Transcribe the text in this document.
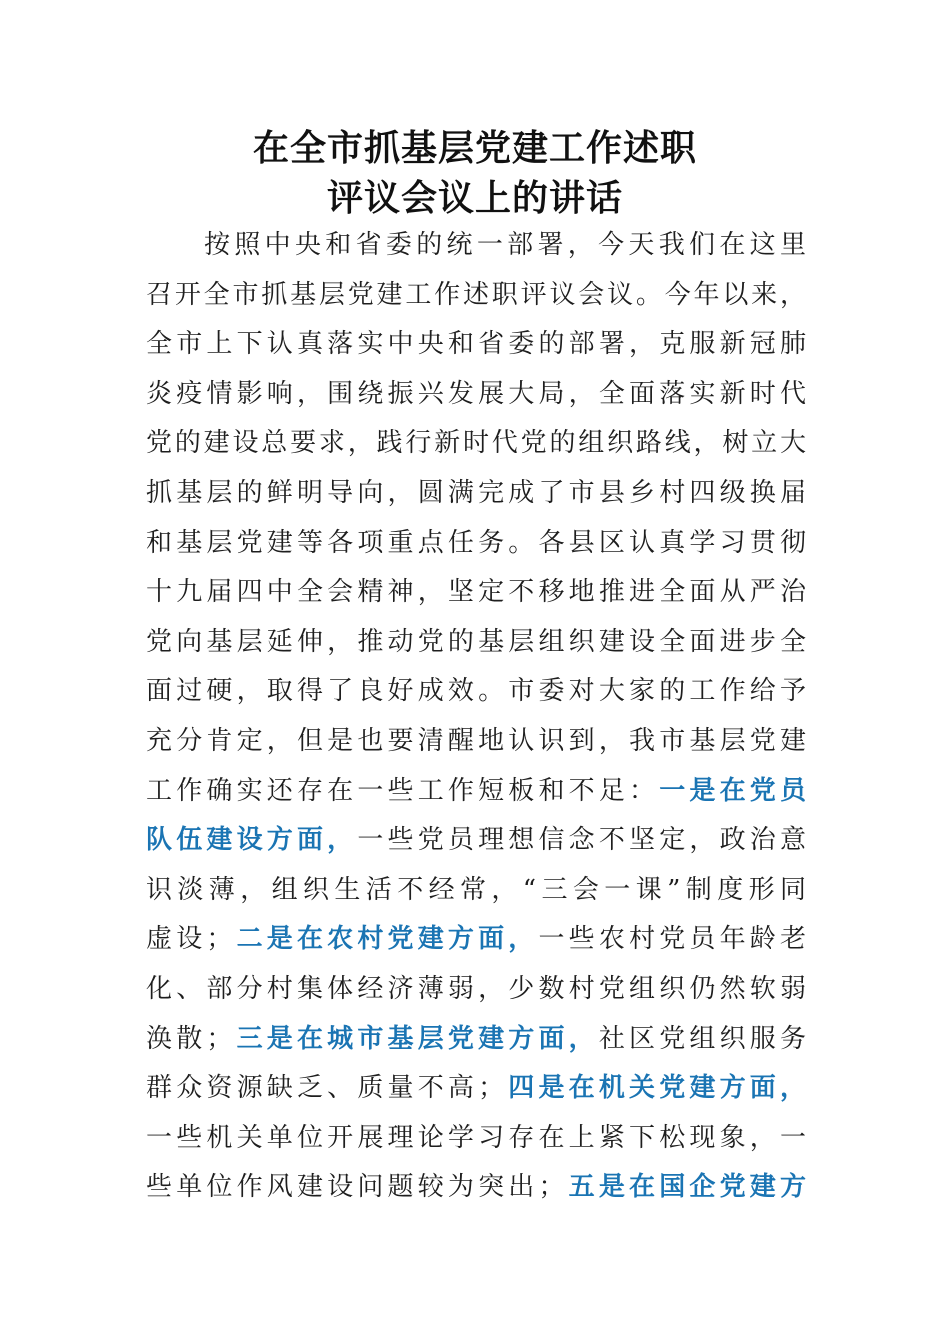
在全市抓基层党建工作述职
评议会议上的讲话
按照中央和省委的统一部署，今天我们在这里
召开全市抓基层党建工作述职评议会议。今年以来，
全市上下认真落实中央和省委的部署，克服新冠肺
炎疫情影响，围绕振兴发展大局，全面落实新时代
党的建设总要求，践行新时代党的组织路线，树立大
抓基层的鲜明导向，圆满完成了市县乡村四级换届
和基层党建等各项重点任务。各县区认真学习贯彻
十九届四中全会精神，坚定不移地推进全面从严治
党向基层延伸，推动党的基层组织建设全面进步全
面过硬，取得了良好成效。市委对大家的工作给予
充分肯定，但是也要清醒地认识到，我市基层党建
工作确实还存在一些工作短板和不足：一是在党员
队伍建设方面，一些党员理想信念不坚定，政治意
识淡薄，组织生活不经常，“三会一课”制度形同
虚设；二是在农村党建方面，一些农村党员年龄老
化、部分村集体经济薄弱，少数村党组织仍然软弱
涣散；三是在城市基层党建方面，社区党组织服务
群众资源缺乏、质量不高；四是在机关党建方面，
一些机关单位开展理论学习存在上紧下松现象，一
些单位作风建设问题较为突出；五是在国企党建方
